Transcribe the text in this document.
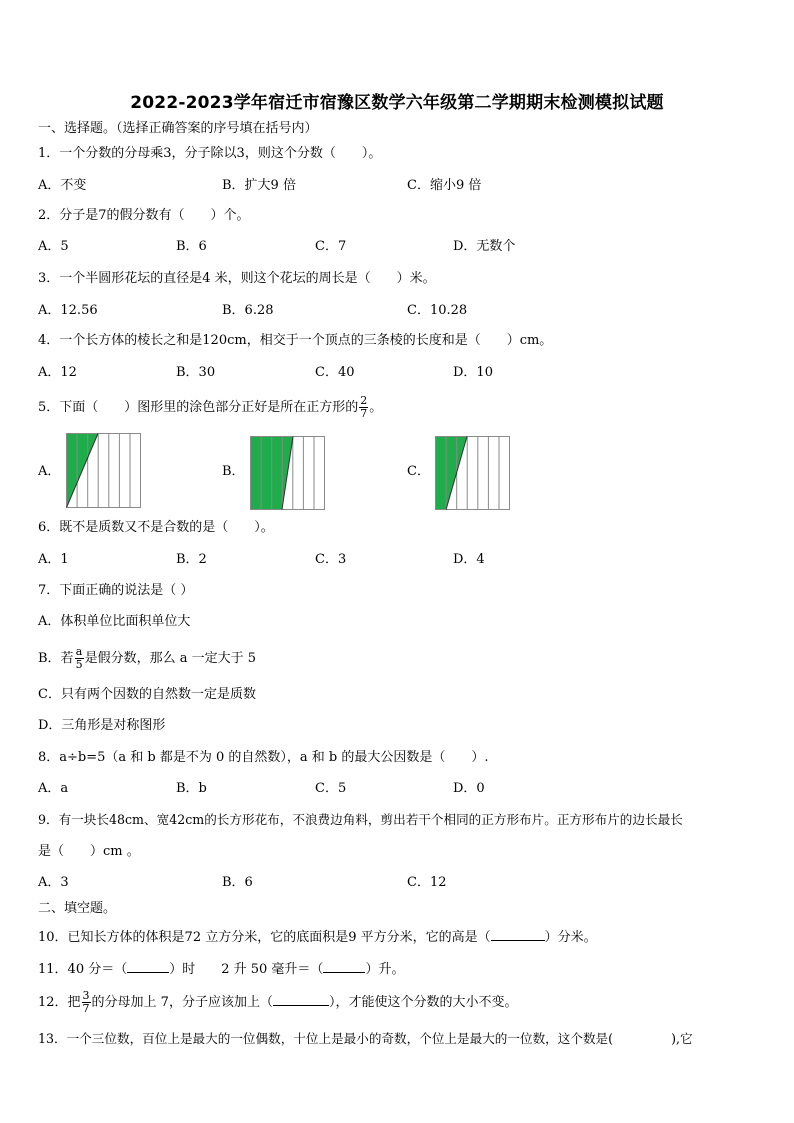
2022-2023学年宿迁市宿豫区数学六年级第二学期期末检测模拟试题
一、选择题。（选择正确答案的序号填在括号内）
1．一个分数的分母乘3，分子除以3，则这个分数（　　）。
A．不变	B．扩大9 倍	C．缩小9 倍
2．分子是7的假分数有（　　）个。
A．5	B．6	C．7	D．无数个
3．一个半圆形花坛的直径是4 米，则这个花坛的周长是（　　）米。
A．12.56	B．6.28	C．10.28
4．一个长方体的棱长之和是120cm，相交于一个顶点的三条棱的长度和是（　　）cm。
A．12	B．30	C．40	D．10
5．下面（　　）图形里的涂色部分正好是所在正方形的 $\frac{2}{7}$ 。
A．	B．	C．
6．既不是质数又不是合数的是（　　）。
A．1	B．2	C．3	D．4
7．下面正确的说法是（ ）
A．体积单位比面积单位大
B．若 $\frac{a}{5}$ 是假分数，那么 a 一定大于 5
C．只有两个因数的自然数一定是质数
D．三角形是对称图形
8．a÷b=5（a 和 b 都是不为 0 的自然数），a 和 b 的最大公因数是（　　）.
A．a	B．b	C．5	D．0
9．有一块长48cm、宽42cm的长方形花布，不浪费边角料，剪出若干个相同的正方形布片。正方形布片的边长最长
是（　　）cm 。
A．3	B．6	C．12
二、填空题。
10．已知长方体的体积是72 立方分米，它的底面积是9 平方分米，它的高是（	）分米。
11．40 分＝（	）时　　2 升 50 毫升＝（	）升。
12．把 $\frac{3}{7}$ 的分母加上 7，分子应该加上（	），才能使这个分数的大小不变。
13．一个三位数，百位上是最大的一位偶数，十位上是最小的奇数，个位上是最大的一位数，这个数是(	),它
